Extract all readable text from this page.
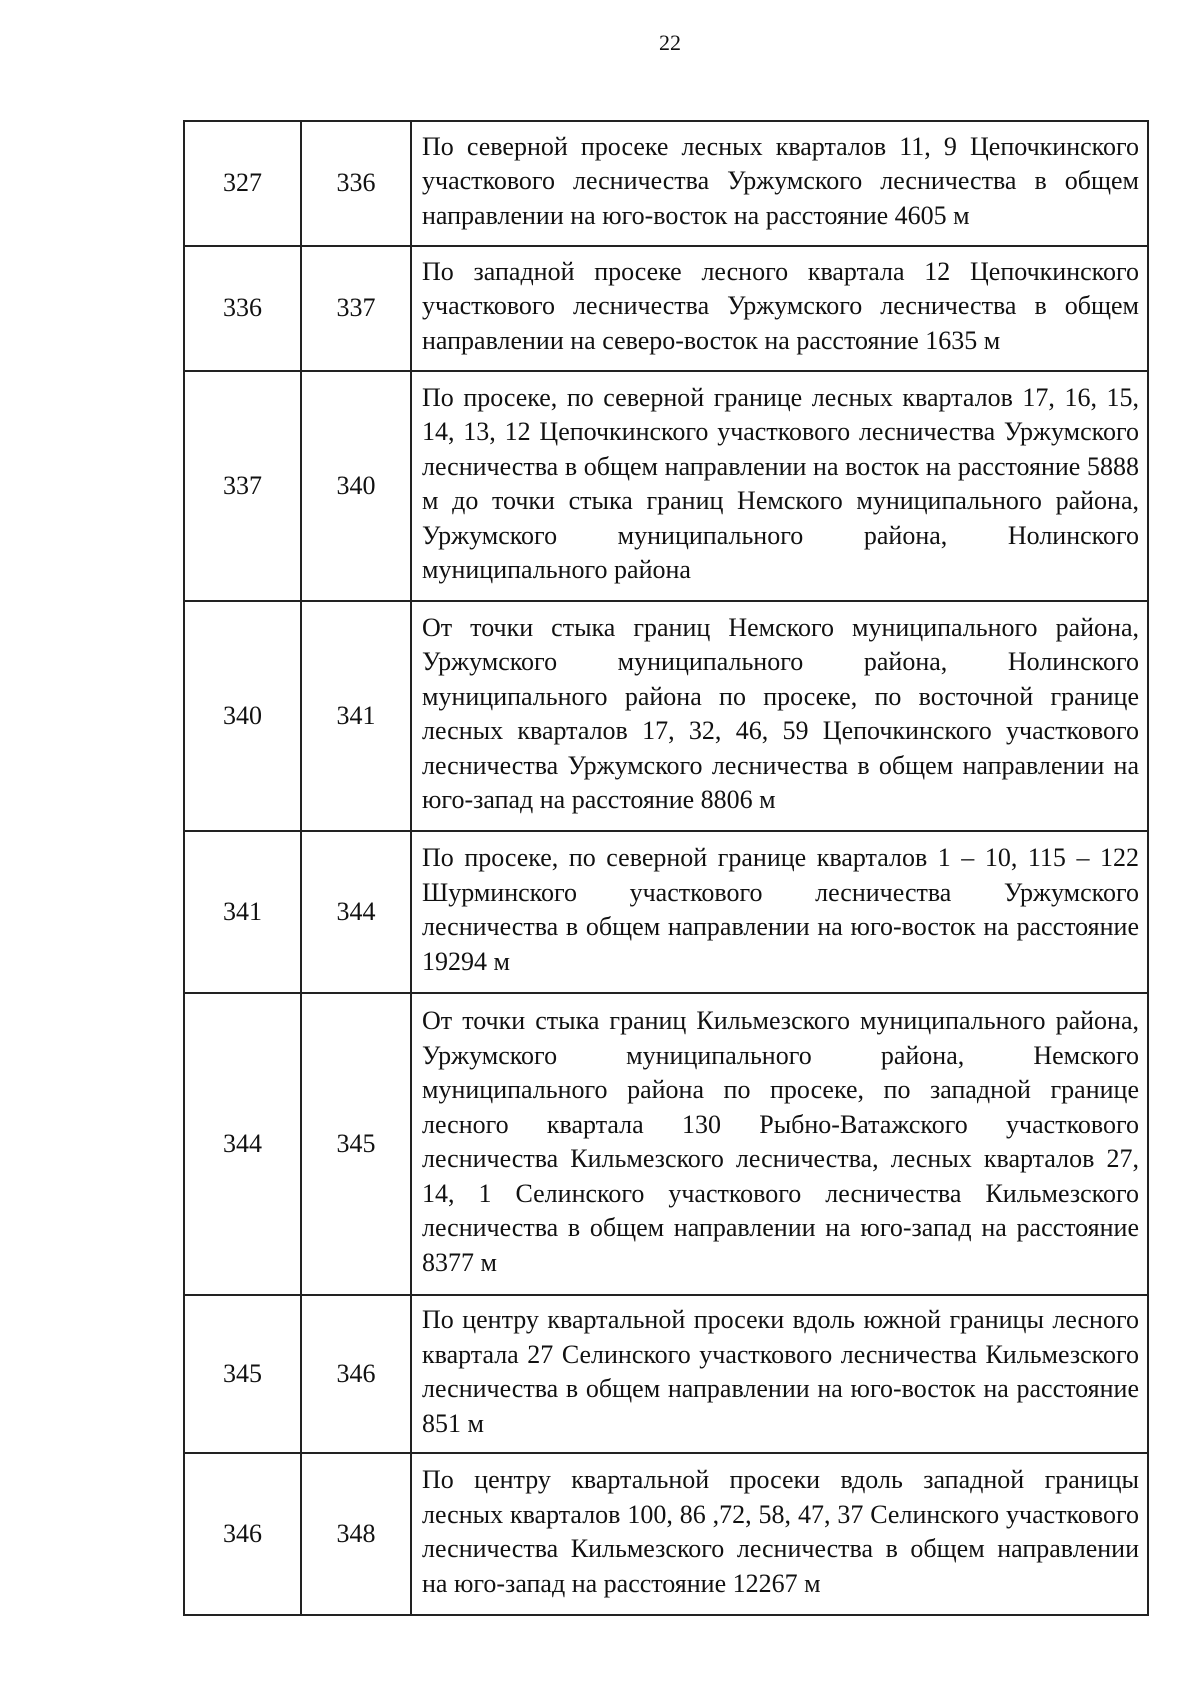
22
327	336	По северной просеке лесных кварталов 11, 9 Цепочкинского участкового лесничества Уржумского лесничества в общем направлении на юго-восток на расстояние 4605 м
336	337	По западной просеке лесного квартала 12 Цепочкинского участкового лесничества Уржумского лесничества в общем направлении на северо-восток на расстояние 1635 м
337	340	По просеке, по северной границе лесных кварталов 17, 16, 15, 14, 13, 12 Цепочкинского участкового лесничества Уржумского лесничества в общем направлении на восток на расстояние 5888 м до точки стыка границ Немского муниципального района, Уржумского муниципального района, Нолинского муниципального района
340	341	От точки стыка границ Немского муниципального района, Уржумского муниципального района, Нолинского муниципального района по просеке, по восточной границе лесных кварталов 17, 32, 46, 59 Цепочкинского участкового лесничества Уржумского лесничества в общем направлении на юго-запад на расстояние 8806 м
341	344	По просеке, по северной границе кварталов 1 – 10, 115 – 122 Шурминского участкового лесничества Уржумского лесничества в общем направлении на юго-восток на расстояние 19294 м
344	345	От точки стыка границ Кильмезского муниципального района, Уржумского муниципального района, Немского муниципального района по просеке, по западной границе лесного квартала 130 Рыбно-Ватажского участкового лесничества Кильмезского лесничества, лесных кварталов 27, 14, 1 Селинского участкового лесничества Кильмезского лесничества в общем направлении на юго-запад на расстояние 8377 м
345	346	По центру квартальной просеки вдоль южной границы лесного квартала 27 Селинского участкового лесничества Кильмезского лесничества в общем направлении на юго-восток на расстояние 851 м
346	348	По центру квартальной просеки вдоль западной границы лесных кварталов 100, 86 ,72, 58, 47, 37 Селинского участкового лесничества Кильмезского лесничества в общем направлении на юго-запад на расстояние 12267 м
